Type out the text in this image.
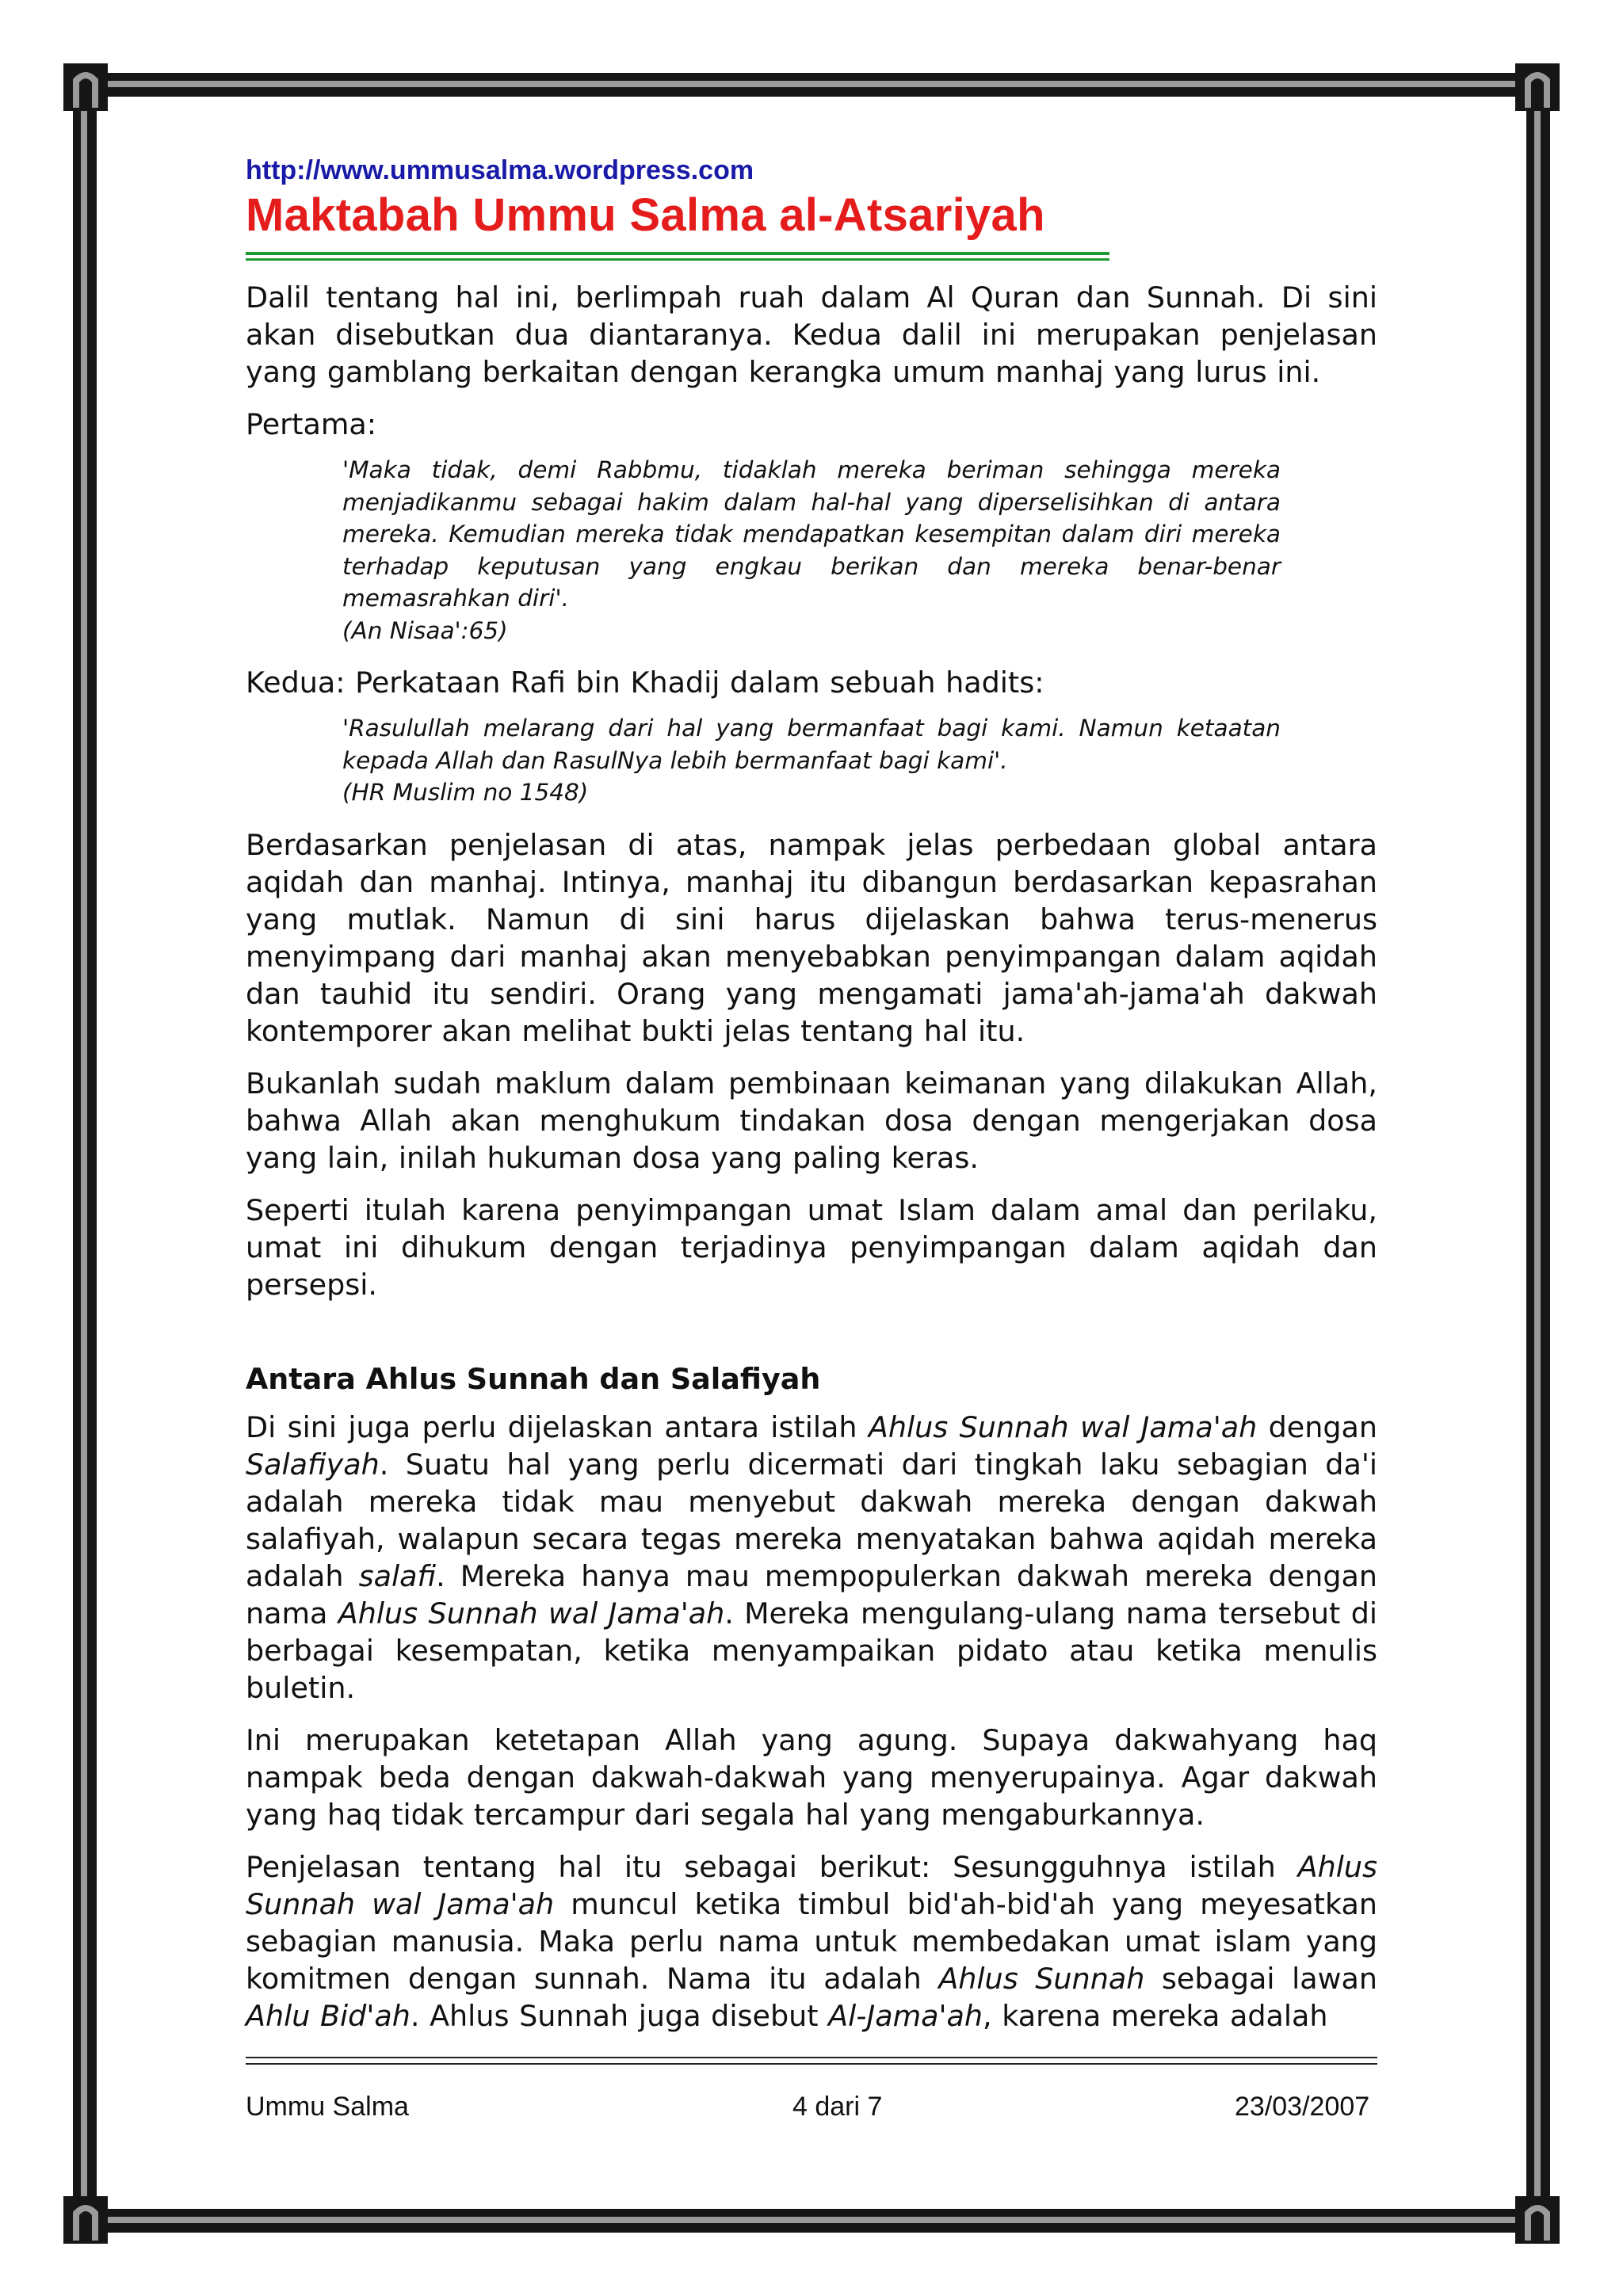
http://www.ummusalma.wordpress.com
Maktabah Ummu Salma al-Atsariyah

Dalil tentang hal ini, berlimpah ruah dalam Al Quran dan Sunnah. Di sini akan disebutkan dua diantaranya. Kedua dalil ini merupakan penjelasan yang gamblang berkaitan dengan kerangka umum manhaj yang lurus ini.

Pertama:

'Maka tidak, demi Rabbmu, tidaklah mereka beriman sehingga mereka menjadikanmu sebagai hakim dalam hal-hal yang diperselisihkan di antara mereka. Kemudian mereka tidak mendapatkan kesempitan dalam diri mereka terhadap keputusan yang engkau berikan dan mereka benar-benar memasrahkan diri'.
(An Nisaa':65)

Kedua: Perkataan Rafi bin Khadij dalam sebuah hadits:

'Rasulullah melarang dari hal yang bermanfaat bagi kami. Namun ketaatan kepada Allah dan RasulNya lebih bermanfaat bagi kami'.
(HR Muslim no 1548)

Berdasarkan penjelasan di atas, nampak jelas perbedaan global antara aqidah dan manhaj. Intinya, manhaj itu dibangun berdasarkan kepasrahan yang mutlak. Namun di sini harus dijelaskan bahwa terus-menerus menyimpang dari manhaj akan menyebabkan penyimpangan dalam aqidah dan tauhid itu sendiri. Orang yang mengamati jama'ah-jama'ah dakwah kontemporer akan melihat bukti jelas tentang hal itu.

Bukanlah sudah maklum dalam pembinaan keimanan yang dilakukan Allah, bahwa Allah akan menghukum tindakan dosa dengan mengerjakan dosa yang lain, inilah hukuman dosa yang paling keras.

Seperti itulah karena penyimpangan umat Islam dalam amal dan perilaku, umat ini dihukum dengan terjadinya penyimpangan dalam aqidah dan persepsi.

Antara Ahlus Sunnah dan Salafiyah

Di sini juga perlu dijelaskan antara istilah Ahlus Sunnah wal Jama'ah dengan Salafiyah. Suatu hal yang perlu dicermati dari tingkah laku sebagian da'i adalah mereka tidak mau menyebut dakwah mereka dengan dakwah salafiyah, walapun secara tegas mereka menyatakan bahwa aqidah mereka adalah salafi. Mereka hanya mau mempopulerkan dakwah mereka dengan nama Ahlus Sunnah wal Jama'ah. Mereka mengulang-ulang nama tersebut di berbagai kesempatan, ketika menyampaikan pidato atau ketika menulis buletin.

Ini merupakan ketetapan Allah yang agung. Supaya dakwahyang haq nampak beda dengan dakwah-dakwah yang menyerupainya. Agar dakwah yang haq tidak tercampur dari segala hal yang mengaburkannya.

Penjelasan tentang hal itu sebagai berikut: Sesungguhnya istilah Ahlus Sunnah wal Jama'ah muncul ketika timbul bid'ah-bid'ah yang meyesatkan sebagian manusia. Maka perlu nama untuk membedakan umat islam yang komitmen dengan sunnah. Nama itu adalah Ahlus Sunnah sebagai lawan Ahlu Bid'ah. Ahlus Sunnah juga disebut Al-Jama'ah, karena mereka adalah

Ummu Salma	4 dari 7	23/03/2007
